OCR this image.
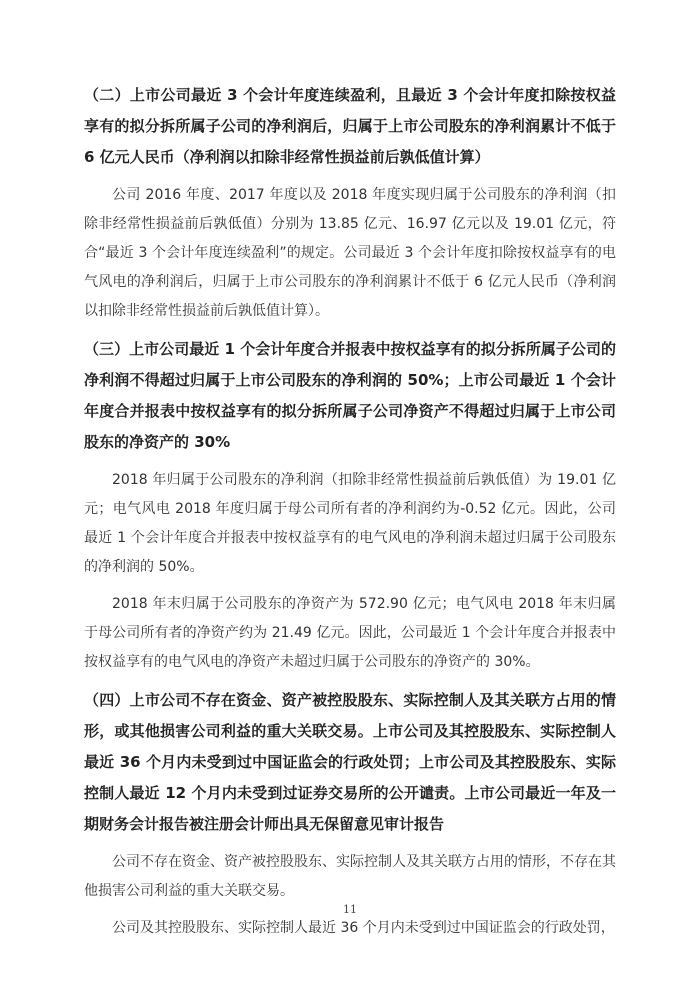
（二）上市公司最近 3 个会计年度连续盈利，且最近 3 个会计年度扣除按权益享有的拟分拆所属子公司的净利润后，归属于上市公司股东的净利润累计不低于 6 亿元人民币（净利润以扣除非经常性损益前后孰低值计算）

公司 2016 年度、2017 年度以及 2018 年度实现归属于公司股东的净利润（扣除非经常性损益前后孰低值）分别为 13.85 亿元、16.97 亿元以及 19.01 亿元，符合“最近 3 个会计年度连续盈利”的规定。公司最近 3 个会计年度扣除按权益享有的电气风电的净利润后，归属于上市公司股东的净利润累计不低于 6 亿元人民币（净利润以扣除非经常性损益前后孰低值计算）。

（三）上市公司最近 1 个会计年度合并报表中按权益享有的拟分拆所属子公司的净利润不得超过归属于上市公司股东的净利润的 50%；上市公司最近 1 个会计年度合并报表中按权益享有的拟分拆所属子公司净资产不得超过归属于上市公司股东的净资产的 30%

2018 年归属于公司股东的净利润（扣除非经常性损益前后孰低值）为 19.01 亿元；电气风电 2018 年度归属于母公司所有者的净利润约为-0.52 亿元。因此，公司最近 1 个会计年度合并报表中按权益享有的电气风电的净利润未超过归属于公司股东的净利润的 50%。

2018 年末归属于公司股东的净资产为 572.90 亿元；电气风电 2018 年末归属于母公司所有者的净资产约为 21.49 亿元。因此，公司最近 1 个会计年度合并报表中按权益享有的电气风电的净资产未超过归属于公司股东的净资产的 30%。

（四）上市公司不存在资金、资产被控股股东、实际控制人及其关联方占用的情形，或其他损害公司利益的重大关联交易。上市公司及其控股股东、实际控制人最近 36 个月内未受到过中国证监会的行政处罚；上市公司及其控股股东、实际控制人最近 12 个月内未受到过证券交易所的公开谴责。上市公司最近一年及一期财务会计报告被注册会计师出具无保留意见审计报告

公司不存在资金、资产被控股股东、实际控制人及其关联方占用的情形，不存在其他损害公司利益的重大关联交易。

公司及其控股股东、实际控制人最近 36 个月内未受到过中国证监会的行政处罚，

11
